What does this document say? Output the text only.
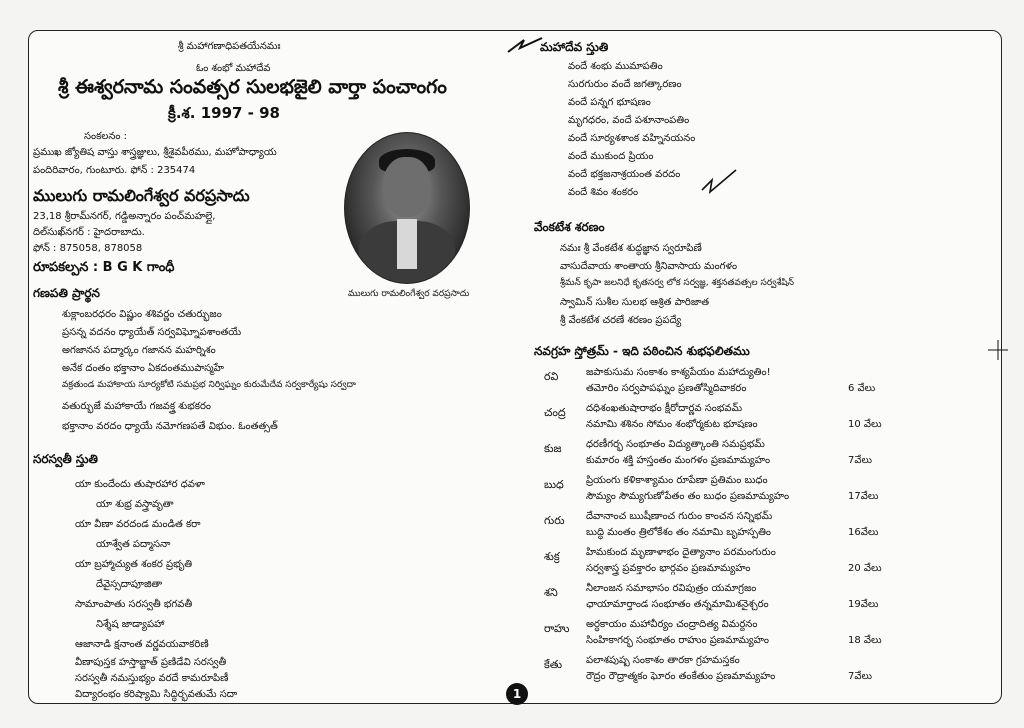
శ్రీ మహాగణాధిపతయేనమః
ఓం శంభో మహాదేవ
శ్రీ ఈశ్వరనామ సంవత్సర సులభజైలి వార్తా పంచాంగం
క్రీ.శ. 1997 - 98
సంకలనం :
ప్రముఖ జ్యోతిష వాస్తు శాస్త్రజ్ఞులు, శ్రీశైవపీఠము, మహోపాధ్యాయ
పందిరివారం, గుంటూరు. ఫోన్ : 235474
ములుగు రామలింగేశ్వర వరప్రసాదు
23,18 శ్రీరామ్‌నగర్, గడ్డిఅన్నారం పంచ్‌మహల్లై,
దిల్‌సుఖ్‌నగర్ : హైదరాబాదు.
ఫోన్ : 875058, 878058
రూపకల్పన : B G K గాంధీ
ములుగు రామలింగేశ్వర వరప్రసాదు
గణపతి ప్రార్థన
శుక్లాంబరధరం విష్ణుం శశివర్ణం చతుర్భుజం
ప్రసన్న వదనం ధ్యాయేత్ సర్వవిఘ్నోపశాంతయే
అగజానన పద్మార్కం గజానన మహర్నిశం
అనేక దంతం భక్తానాం ఏకదంతముపాస్మహే
వక్రతుండ మహాకాయ సూర్యకోటి సమప్రభ నిర్విఘ్నం కురుమేదేవ సర్వకార్యేషు సర్వదా
వతుర్భుజే మహాకాయే గజవక్త్ర శుభకరం
భక్తానాం వరదం ధ్యాయే నమోగణపతే విభుం. ఓంతత్సత్
సరస్వతీ స్తుతి
యా కుందేందు తుషారహార ధవళా
యా శుభ్ర వస్త్రావృతా
యా వీణా వరదండ మండిత కరా
యాశ్వేత పద్మాసనా
యా బ్రహ్మాచ్యుత శంకర ప్రభృతి
దేవైస్సదాపూజితా
సామాంపాతు సరస్వతీ భగవతీ
నిశ్శేష జాడ్యాపహా
ఆజానాడి క్షనాంత వర్ణవయవాకరిణి
వీణాపుస్తక హస్తాబ్జాత్ ప్రణిడేవి సరస్వతీ
సరస్వతీ నమస్తుభ్యం వరదే కామరూపిణీ
విద్యారంభం కరిష్యామి సిద్ధిర్భవతుమే సదా
మహాదేవ స్తుతి
వందే శంభు ముమాపతిం
సురగురుం వందే జగత్కారణం
వందే పన్నగ భూషణం
మృగధరం, వందే పశూనాంపతిం
వందే సూర్యశశాంక వహ్నినయనం
వందే ముకుంద ప్రియం
వందే భక్తజనాశ్రయంత వరదం
వందే శివం శంకరం
వేంకటేశ శరణం
నమః శ్రీ వేంకటేశ శుద్ధజ్ఞాన స్వరూపిణే
వాసుదేవాయ శాంతాయ శ్రీనివాసాయ మంగళం
శ్రీమన్ కృపా జలనిధే కృతసర్వ లోక సర్వజ్ఞ, శక్తనతవత్సల సర్వశేషిన్
స్వామిన్ సుశీల సులభ ఆశ్రిత పారిజాత
శ్రీ వేంకటేశ చరణే శరణం ప్రపద్యే
నవగ్రహ స్తోత్రమ్ - ఇది పఠించిన శుభఫలితము
రవి	జపాకుసుమ సంకాశం కాశ్యపేయం మహాద్యుతిం!
తమోరిం సర్వపాపఘ్నం ప్రణతోస్మిదివాకరం	6 వేలు
చంద్ర దధిశంఖతుషారాభం క్షీరోదార్ణవ సంభవమ్
నమామి శశినం సోమం శంభోర్మకుట భూషణం	10 వేలు
కుజ ధరణీగర్భ సంభూతం విద్యుత్కాంతి సమప్రభమ్
కుమారం శక్తి హస్తంతం మంగళం ప్రణమామ్యహం	7వేలు
బుధ ప్రియంగు కళికాశ్యామం రూపేణా ప్రతిమం బుధం
సౌమ్యం సౌమ్యగుణోపేతం తం బుధం ప్రణమామ్యహం	17వేలు
గురు దేవానాంచ ఋషీణాంచ గురుం కాంచన సన్నిభమ్
బుద్ధి మంతం త్రిలోకేశం తం నమామి బృహస్పతిం	16వేలు
శుక్ర	హిమకుంద మృణాళాభం దైత్యానాం పరమంగురుం
సర్వశాస్త్ర ప్రవక్తారం భార్గవం ప్రణమామ్యహం	20 వేలు
శని	నీలాంజన సమాభాసం రవిపుత్రం యమాగ్రజం
ఛాయామార్తాండ సంభూతం తన్నమామిశనైశ్చరం	19వేలు
రాహు అర్ధకాయం మహావీర్యం చంద్రాదిత్య విమర్దనం
సింహికాగర్భ సంభూతం రాహుం ప్రణమామ్యహం	18 వేలు
కేతు పలాశపుష్ప సంకాశం తారకా గ్రహమస్తకం
రౌద్రం రౌద్రాత్మకం ఘోరం తంకేతుం ప్రణమామ్యహం	7వేలు
1
